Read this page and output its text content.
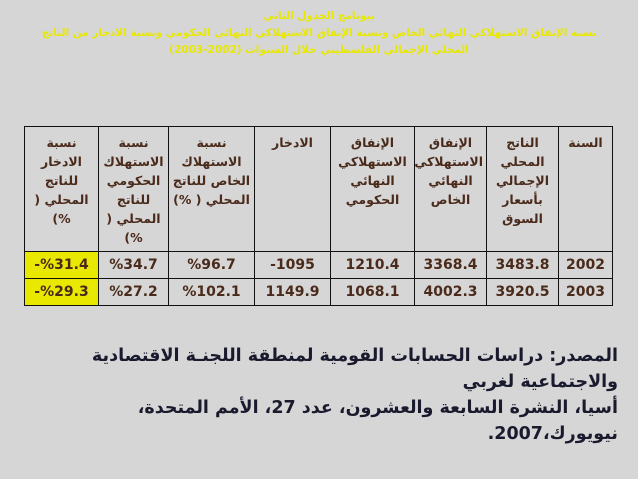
بيونامج الجدول الثاني
نسبة الإنفاق الاستهلاكي النهائي الخاص ونسبة الإنفاق الاستهلاكي النهائي الحكومي ونسبة الادخار من الناتج
المحلي الإجمالي الفلسطيني خلال السنوات (2002-2003)
السنة	الناتج المحلي الإجمالي بأسعار السوق	الإنفاق الاستهلاكي النهائي الخاص	الإنفاق الاستهلاكي النهائي الحكومي	الادخار	نسبة الاستهلاك الخاص للناتج المحلي ( %)	نسبة الاستهلاك الحكومي للناتج المحلي ( %)	نسبة الادخار للناتج المحلي ( %)
2002	3483.8	3368.4	1210.4	1095-	%96.7	%34.7	%31.4-
2003	3920.5	4002.3	1068.1	1149.9	%102.1	%27.2	%29.3-
المصدر: دراسات الحسابات القومية لمنطقة اللجنـة الاقتصادية والاجتماعية لغربي
أسيا، النشرة السابعة والعشرون، عدد 27، الأمم المتحدة، نيويورك،2007.
